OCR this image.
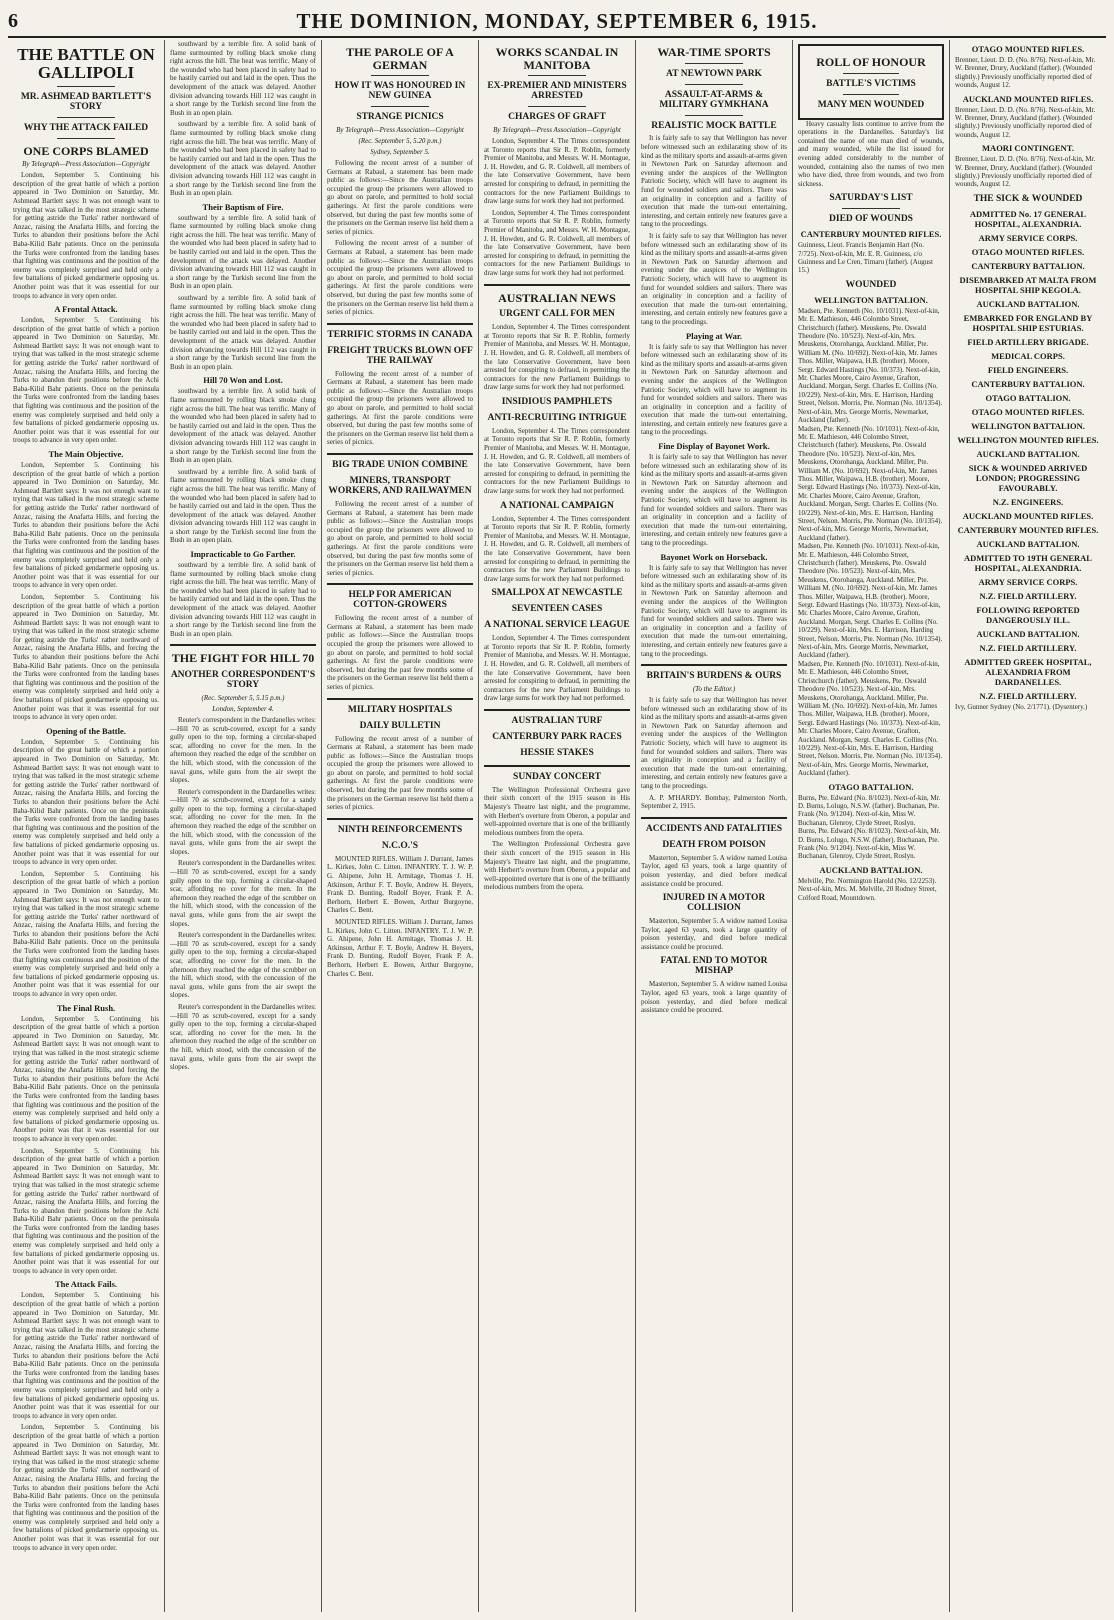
6	THE DOMINION, MONDAY, SEPTEMBER 6, 1915.
THE BATTLE ON GALLIPOLI
MR. ASHMEAD BARTLETT'S STORY
WHY THE ATTACK FAILED
ONE CORPS BLAMED
By Telegraph—Press Association—Copyright

London, September 5. Continuing his description of the great battle of which a portion appeared in Two Dominion on Saturday, Mr. Ashmead Bartlett says: It was not enough want to trying that was talked in the most strategic scheme for getting astride the Turks' rather northward of Anzac, raising the Anafarta Hills, and forcing the Turks to abandon their positions before the Achi Baba-Kilid Bahr patients. Once on the peninsula the Turks were confronted from the landing bases that fighting was continuous and the position of the enemy was completely surprised and held only a few battalions of picked gendarmerie opposing us. Another point was that it was essential for our troops to advance in very open order.

A Frontal Attack.

London, September 5. Continuing his description of the great battle of which a portion appeared in Two Dominion on Saturday, Mr. Ashmead Bartlett says: It was not enough want to trying that was talked in the most strategic scheme for getting astride the Turks' rather northward of Anzac, raising the Anafarta Hills, and forcing the Turks to abandon their positions before the Achi Baba-Kilid Bahr patients. Once on the peninsula the Turks were confronted from the landing bases that fighting was continuous and the position of the enemy was completely surprised and held only a few battalions of picked gendarmerie opposing us. Another point was that it was essential for our troops to advance in very open order.

The Main Objective.

London, September 5. Continuing his description of the great battle of which a portion appeared in Two Dominion on Saturday, Mr. Ashmead Bartlett says: It was not enough want to trying that was talked in the most strategic scheme for getting astride the Turks' rather northward of Anzac, raising the Anafarta Hills, and forcing the Turks to abandon their positions before the Achi Baba-Kilid Bahr patients. Once on the peninsula the Turks were confronted from the landing bases that fighting was continuous and the position of the enemy was completely surprised and held only a few battalions of picked gendarmerie opposing us. Another point was that it was essential for our troops to advance in very open order.

London, September 5. Continuing his description of the great battle of which a portion appeared in Two Dominion on Saturday, Mr. Ashmead Bartlett says: It was not enough want to trying that was talked in the most strategic scheme for getting astride the Turks' rather northward of Anzac, raising the Anafarta Hills, and forcing the Turks to abandon their positions before the Achi Baba-Kilid Bahr patients. Once on the peninsula the Turks were confronted from the landing bases that fighting was continuous and the position of the enemy was completely surprised and held only a few battalions of picked gendarmerie opposing us. Another point was that it was essential for our troops to advance in very open order.

Opening of the Battle.

London, September 5. Continuing his description of the great battle of which a portion appeared in Two Dominion on Saturday, Mr. Ashmead Bartlett says: It was not enough want to trying that was talked in the most strategic scheme for getting astride the Turks' rather northward of Anzac, raising the Anafarta Hills, and forcing the Turks to abandon their positions before the Achi Baba-Kilid Bahr patients. Once on the peninsula the Turks were confronted from the landing bases that fighting was continuous and the position of the enemy was completely surprised and held only a few battalions of picked gendarmerie opposing us. Another point was that it was essential for our troops to advance in very open order.

London, September 5. Continuing his description of the great battle of which a portion appeared in Two Dominion on Saturday, Mr. Ashmead Bartlett says: It was not enough want to trying that was talked in the most strategic scheme for getting astride the Turks' rather northward of Anzac, raising the Anafarta Hills, and forcing the Turks to abandon their positions before the Achi Baba-Kilid Bahr patients. Once on the peninsula the Turks were confronted from the landing bases that fighting was continuous and the position of the enemy was completely surprised and held only a few battalions of picked gendarmerie opposing us. Another point was that it was essential for our troops to advance in very open order.

The Final Rush.

London, September 5. Continuing his description of the great battle of which a portion appeared in Two Dominion on Saturday, Mr. Ashmead Bartlett says: It was not enough want to trying that was talked in the most strategic scheme for getting astride the Turks' rather northward of Anzac, raising the Anafarta Hills, and forcing the Turks to abandon their positions before the Achi Baba-Kilid Bahr patients. Once on the peninsula the Turks were confronted from the landing bases that fighting was continuous and the position of the enemy was completely surprised and held only a few battalions of picked gendarmerie opposing us. Another point was that it was essential for our troops to advance in very open order.

London, September 5. Continuing his description of the great battle of which a portion appeared in Two Dominion on Saturday, Mr. Ashmead Bartlett says: It was not enough want to trying that was talked in the most strategic scheme for getting astride the Turks' rather northward of Anzac, raising the Anafarta Hills, and forcing the Turks to abandon their positions before the Achi Baba-Kilid Bahr patients. Once on the peninsula the Turks were confronted from the landing bases that fighting was continuous and the position of the enemy was completely surprised and held only a few battalions of picked gendarmerie opposing us. Another point was that it was essential for our troops to advance in very open order.

The Attack Fails.

London, September 5. Continuing his description of the great battle of which a portion appeared in Two Dominion on Saturday, Mr. Ashmead Bartlett says: It was not enough want to trying that was talked in the most strategic scheme for getting astride the Turks' rather northward of Anzac, raising the Anafarta Hills, and forcing the Turks to abandon their positions before the Achi Baba-Kilid Bahr patients. Once on the peninsula the Turks were confronted from the landing bases that fighting was continuous and the position of the enemy was completely surprised and held only a few battalions of picked gendarmerie opposing us. Another point was that it was essential for our troops to advance in very open order.

London, September 5. Continuing his description of the great battle of which a portion appeared in Two Dominion on Saturday, Mr. Ashmead Bartlett says: It was not enough want to trying that was talked in the most strategic scheme for getting astride the Turks' rather northward of Anzac, raising the Anafarta Hills, and forcing the Turks to abandon their positions before the Achi Baba-Kilid Bahr patients. Once on the peninsula the Turks were confronted from the landing bases that fighting was continuous and the position of the enemy was completely surprised and held only a few battalions of picked gendarmerie opposing us. Another point was that it was essential for our troops to advance in very open order.

southward by a terrible fire. A solid bank of flame surmounted by rolling black smoke clung right across the hill. The heat was terrific. Many of the wounded who had been placed in safety had to be hastily carried out and laid in the open. Thus the development of the attack was delayed. Another division advancing towards Hill 112 was caught in a short range by the Turkish second line from the Bush in an open plain.

southward by a terrible fire. A solid bank of flame surmounted by rolling black smoke clung right across the hill. The heat was terrific. Many of the wounded who had been placed in safety had to be hastily carried out and laid in the open. Thus the development of the attack was delayed. Another division advancing towards Hill 112 was caught in a short range by the Turkish second line from the Bush in an open plain.

Their Baptism of Fire.

southward by a terrible fire. A solid bank of flame surmounted by rolling black smoke clung right across the hill. The heat was terrific. Many of the wounded who had been placed in safety had to be hastily carried out and laid in the open. Thus the development of the attack was delayed. Another division advancing towards Hill 112 was caught in a short range by the Turkish second line from the Bush in an open plain.

southward by a terrible fire. A solid bank of flame surmounted by rolling black smoke clung right across the hill. The heat was terrific. Many of the wounded who had been placed in safety had to be hastily carried out and laid in the open. Thus the development of the attack was delayed. Another division advancing towards Hill 112 was caught in a short range by the Turkish second line from the Bush in an open plain.

Hill 70 Won and Lost.

southward by a terrible fire. A solid bank of flame surmounted by rolling black smoke clung right across the hill. The heat was terrific. Many of the wounded who had been placed in safety had to be hastily carried out and laid in the open. Thus the development of the attack was delayed. Another division advancing towards Hill 112 was caught in a short range by the Turkish second line from the Bush in an open plain.

southward by a terrible fire. A solid bank of flame surmounted by rolling black smoke clung right across the hill. The heat was terrific. Many of the wounded who had been placed in safety had to be hastily carried out and laid in the open. Thus the development of the attack was delayed. Another division advancing towards Hill 112 was caught in a short range by the Turkish second line from the Bush in an open plain.

Impracticable to Go Farther.

southward by a terrible fire. A solid bank of flame surmounted by rolling black smoke clung right across the hill. The heat was terrific. Many of the wounded who had been placed in safety had to be hastily carried out and laid in the open. Thus the development of the attack was delayed. Another division advancing towards Hill 112 was caught in a short range by the Turkish second line from the Bush in an open plain.

THE FIGHT FOR HILL 70
ANOTHER CORRESPONDENT'S STORY
(Rec. September 5, 5.15 p.m.)
London, September 4.

Reuter's correspondent in the Dardanelles writes:—Hill 70 as scrub-covered, except for a sandy gully open to the top, forming a circular-shaped scar, affording no cover for the men. In the afternoon they reached the edge of the scrubber on the hill, which stood, with the concussion of the naval guns, while guns from the air swept the slopes.

Reuter's correspondent in the Dardanelles writes:—Hill 70 as scrub-covered, except for a sandy gully open to the top, forming a circular-shaped scar, affording no cover for the men. In the afternoon they reached the edge of the scrubber on the hill, which stood, with the concussion of the naval guns, while guns from the air swept the slopes.

Reuter's correspondent in the Dardanelles writes:—Hill 70 as scrub-covered, except for a sandy gully open to the top, forming a circular-shaped scar, affording no cover for the men. In the afternoon they reached the edge of the scrubber on the hill, which stood, with the concussion of the naval guns, while guns from the air swept the slopes.

Reuter's correspondent in the Dardanelles writes:—Hill 70 as scrub-covered, except for a sandy gully open to the top, forming a circular-shaped scar, affording no cover for the men. In the afternoon they reached the edge of the scrubber on the hill, which stood, with the concussion of the naval guns, while guns from the air swept the slopes.

Reuter's correspondent in the Dardanelles writes:—Hill 70 as scrub-covered, except for a sandy gully open to the top, forming a circular-shaped scar, affording no cover for the men. In the afternoon they reached the edge of the scrubber on the hill, which stood, with the concussion of the naval guns, while guns from the air swept the slopes.

THE PAROLE OF A GERMAN
HOW IT WAS HONOURED IN NEW GUINEA
STRANGE PICNICS
By Telegraph—Press Association—Copyright
(Rec. September 5, 5.20 p.m.)
Sydney, September 5.

Following the recent arrest of a number of Germans at Rabaul, a statement has been made public as follows:—Since the Australian troops occupied the group the prisoners were allowed to go about on parole, and permitted to hold social gatherings. At first the parole conditions were observed, but during the past few months some of the prisoners on the German reserve list held them a series of picnics.

Following the recent arrest of a number of Germans at Rabaul, a statement has been made public as follows:—Since the Australian troops occupied the group the prisoners were allowed to go about on parole, and permitted to hold social gatherings. At first the parole conditions were observed, but during the past few months some of the prisoners on the German reserve list held them a series of picnics.

TERRIFIC STORMS IN CANADA
FREIGHT TRUCKS BLOWN OFF THE RAILWAY

Following the recent arrest of a number of Germans at Rabaul, a statement has been made public as follows:—Since the Australian troops occupied the group the prisoners were allowed to go about on parole, and permitted to hold social gatherings. At first the parole conditions were observed, but during the past few months some of the prisoners on the German reserve list held them a series of picnics.

BIG TRADE UNION COMBINE
MINERS, TRANSPORT WORKERS, AND RAILWAYMEN

Following the recent arrest of a number of Germans at Rabaul, a statement has been made public as follows:—Since the Australian troops occupied the group the prisoners were allowed to go about on parole, and permitted to hold social gatherings. At first the parole conditions were observed, but during the past few months some of the prisoners on the German reserve list held them a series of picnics.

HELP FOR AMERICAN COTTON-GROWERS

Following the recent arrest of a number of Germans at Rabaul, a statement has been made public as follows:—Since the Australian troops occupied the group the prisoners were allowed to go about on parole, and permitted to hold social gatherings. At first the parole conditions were observed, but during the past few months some of the prisoners on the German reserve list held them a series of picnics.

MILITARY HOSPITALS
DAILY BULLETIN

Following the recent arrest of a number of Germans at Rabaul, a statement has been made public as follows:—Since the Australian troops occupied the group the prisoners were allowed to go about on parole, and permitted to hold social gatherings. At first the parole conditions were observed, but during the past few months some of the prisoners on the German reserve list held them a series of picnics.

NINTH REINFORCEMENTS
N.C.O.'S

MOUNTED RIFLES. William J. Durrant, James L. Kirkes, John C. Litten. INFANTRY. T. J. W. P. G. Ahipene, John H. Armitage, Thomas J. H. Atkinson, Arthur F. T. Boyle, Andrew H. Beyers, Frank D. Bunting, Rudolf Boyer, Frank P. A. Berhorn, Herbert E. Bowen, Arthur Burgoyne, Charles C. Bent.

MOUNTED RIFLES. William J. Durrant, James L. Kirkes, John C. Litten. INFANTRY. T. J. W. P. G. Ahipene, John H. Armitage, Thomas J. H. Atkinson, Arthur F. T. Boyle, Andrew H. Beyers, Frank D. Bunting, Rudolf Boyer, Frank P. A. Berhorn, Herbert E. Bowen, Arthur Burgoyne, Charles C. Bent.

WORKS SCANDAL IN MANITOBA
EX-PREMIER AND MINISTERS ARRESTED
CHARGES OF GRAFT
By Telegraph—Press Association—Copyright

London, September 4. The Times correspondent at Toronto reports that Sir R. P. Roblin, formerly Premier of Manitoba, and Messrs. W. H. Montague, J. H. Howden, and G. R. Coldwell, all members of the late Conservative Government, have been arrested for conspiring to defraud, in permitting the contractors for the new Parliament Buildings to draw large sums for work they had not performed.

London, September 4. The Times correspondent at Toronto reports that Sir R. P. Roblin, formerly Premier of Manitoba, and Messrs. W. H. Montague, J. H. Howden, and G. R. Coldwell, all members of the late Conservative Government, have been arrested for conspiring to defraud, in permitting the contractors for the new Parliament Buildings to draw large sums for work they had not performed.

AUSTRALIAN NEWS
URGENT CALL FOR MEN

London, September 4. The Times correspondent at Toronto reports that Sir R. P. Roblin, formerly Premier of Manitoba, and Messrs. W. H. Montague, J. H. Howden, and G. R. Coldwell, all members of the late Conservative Government, have been arrested for conspiring to defraud, in permitting the contractors for the new Parliament Buildings to draw large sums for work they had not performed.

INSIDIOUS PAMPHLETS
ANTI-RECRUITING INTRIGUE

London, September 4. The Times correspondent at Toronto reports that Sir R. P. Roblin, formerly Premier of Manitoba, and Messrs. W. H. Montague, J. H. Howden, and G. R. Coldwell, all members of the late Conservative Government, have been arrested for conspiring to defraud, in permitting the contractors for the new Parliament Buildings to draw large sums for work they had not performed.

A NATIONAL CAMPAIGN

London, September 4. The Times correspondent at Toronto reports that Sir R. P. Roblin, formerly Premier of Manitoba, and Messrs. W. H. Montague, J. H. Howden, and G. R. Coldwell, all members of the late Conservative Government, have been arrested for conspiring to defraud, in permitting the contractors for the new Parliament Buildings to draw large sums for work they had not performed.

SMALLPOX AT NEWCASTLE
SEVENTEEN CASES
A NATIONAL SERVICE LEAGUE

London, September 4. The Times correspondent at Toronto reports that Sir R. P. Roblin, formerly Premier of Manitoba, and Messrs. W. H. Montague, J. H. Howden, and G. R. Coldwell, all members of the late Conservative Government, have been arrested for conspiring to defraud, in permitting the contractors for the new Parliament Buildings to draw large sums for work they had not performed.

AUSTRALIAN TURF
CANTERBURY PARK RACES
HESSIE STAKES
SUNDAY CONCERT

The Wellington Professional Orchestra gave their sixth concert of the 1915 season in His Majesty's Theatre last night, and the programme, with Herbert's overture from Oberon, a popular and well-appointed overture that is one of the brilliantly melodious numbers from the opera.

The Wellington Professional Orchestra gave their sixth concert of the 1915 season in His Majesty's Theatre last night, and the programme, with Herbert's overture from Oberon, a popular and well-appointed overture that is one of the brilliantly melodious numbers from the opera.

WAR-TIME SPORTS
AT NEWTOWN PARK
ASSAULT-AT-ARMS & MILITARY GYMKHANA
REALISTIC MOCK BATTLE

It is fairly safe to say that Wellington has never before witnessed such an exhilarating show of its kind as the military sports and assault-at-arms given in Newtown Park on Saturday afternoon and evening under the auspices of the Wellington Patriotic Society, which will have to augment its fund for wounded soldiers and sailors. There was an originality in conception and a facility of execution that made the turn-out entertaining, interesting, and certain entirely new features gave a tang to the proceedings.

It is fairly safe to say that Wellington has never before witnessed such an exhilarating show of its kind as the military sports and assault-at-arms given in Newtown Park on Saturday afternoon and evening under the auspices of the Wellington Patriotic Society, which will have to augment its fund for wounded soldiers and sailors. There was an originality in conception and a facility of execution that made the turn-out entertaining, interesting, and certain entirely new features gave a tang to the proceedings.

Playing at War.

It is fairly safe to say that Wellington has never before witnessed such an exhilarating show of its kind as the military sports and assault-at-arms given in Newtown Park on Saturday afternoon and evening under the auspices of the Wellington Patriotic Society, which will have to augment its fund for wounded soldiers and sailors. There was an originality in conception and a facility of execution that made the turn-out entertaining, interesting, and certain entirely new features gave a tang to the proceedings.

Fine Display of Bayonet Work.

It is fairly safe to say that Wellington has never before witnessed such an exhilarating show of its kind as the military sports and assault-at-arms given in Newtown Park on Saturday afternoon and evening under the auspices of the Wellington Patriotic Society, which will have to augment its fund for wounded soldiers and sailors. There was an originality in conception and a facility of execution that made the turn-out entertaining, interesting, and certain entirely new features gave a tang to the proceedings.

Bayonet Work on Horseback.

It is fairly safe to say that Wellington has never before witnessed such an exhilarating show of its kind as the military sports and assault-at-arms given in Newtown Park on Saturday afternoon and evening under the auspices of the Wellington Patriotic Society, which will have to augment its fund for wounded soldiers and sailors. There was an originality in conception and a facility of execution that made the turn-out entertaining, interesting, and certain entirely new features gave a tang to the proceedings.

BRITAIN'S BURDENS & OURS
(To the Editor.)

It is fairly safe to say that Wellington has never before witnessed such an exhilarating show of its kind as the military sports and assault-at-arms given in Newtown Park on Saturday afternoon and evening under the auspices of the Wellington Patriotic Society, which will have to augment its fund for wounded soldiers and sailors. There was an originality in conception and a facility of execution that made the turn-out entertaining, interesting, and certain entirely new features gave a tang to the proceedings.

A. P. M'HARDY. Bombay, Palmerston North, September 2, 1915.

ACCIDENTS AND FATALITIES
DEATH FROM POISON

Masterton, September 5. A widow named Louisa Taylor, aged 63 years, took a large quantity of poison yesterday, and died before medical assistance could be procured.

INJURED IN A MOTOR COLLISION

Masterton, September 5. A widow named Louisa Taylor, aged 63 years, took a large quantity of poison yesterday, and died before medical assistance could be procured.

FATAL END TO MOTOR MISHAP

Masterton, September 5. A widow named Louisa Taylor, aged 63 years, took a large quantity of poison yesterday, and died before medical assistance could be procured.

ROLL OF HONOUR
BATTLE'S VICTIMS
MANY MEN WOUNDED

Heavy casualty lists continue to arrive from the operations in the Dardanelles. Saturday's list contained the name of one man died of wounds, and many wounded, while the list issued for evening added considerably to the number of wounded, containing also the names of two men who have died, three from wounds, and two from sickness.

SATURDAY'S LIST
DIED OF WOUNDS
CANTERBURY MOUNTED RIFLES.

Guinness, Lieut. Francis Benjamin Hart (No. 7/725). Next-of-kin, Mr. E. R. Guinness, c/o Guinness and Le Cren, Timaru (father). (August 15.)

WOUNDED
WELLINGTON BATTALION.

Madsen, Pte. Kenneth (No. 10/1031). Next-of-kin, Mr. E. Mathieson, 446 Colombo Street, Christchurch (father). Meuskens, Pte. Oswald Theodore (No. 10/523). Next-of-kin, Mrs. Meuskens, Otorohanga, Auckland. Miller, Pte. William M. (No. 10/692). Next-of-kin, Mr. James Thos. Miller, Waipawa, H.B. (brother). Moore, Sergt. Edward Hastings (No. 10/373). Next-of-kin, Mr. Charles Moore, Cairo Avenue, Grafton, Auckland. Morgan, Sergt. Charles E. Collins (No. 10/229). Next-of-kin, Mrs. E. Harrison, Harding Street, Nelson. Morris, Pte. Norman (No. 10/1354). Next-of-kin, Mrs. George Morris, Newmarket, Auckland (father).

Madsen, Pte. Kenneth (No. 10/1031). Next-of-kin, Mr. E. Mathieson, 446 Colombo Street, Christchurch (father). Meuskens, Pte. Oswald Theodore (No. 10/523). Next-of-kin, Mrs. Meuskens, Otorohanga, Auckland. Miller, Pte. William M. (No. 10/692). Next-of-kin, Mr. James Thos. Miller, Waipawa, H.B. (brother). Moore, Sergt. Edward Hastings (No. 10/373). Next-of-kin, Mr. Charles Moore, Cairo Avenue, Grafton, Auckland. Morgan, Sergt. Charles E. Collins (No. 10/229). Next-of-kin, Mrs. E. Harrison, Harding Street, Nelson. Morris, Pte. Norman (No. 10/1354). Next-of-kin, Mrs. George Morris, Newmarket, Auckland (father).

Madsen, Pte. Kenneth (No. 10/1031). Next-of-kin, Mr. E. Mathieson, 446 Colombo Street, Christchurch (father). Meuskens, Pte. Oswald Theodore (No. 10/523). Next-of-kin, Mrs. Meuskens, Otorohanga, Auckland. Miller, Pte. William M. (No. 10/692). Next-of-kin, Mr. James Thos. Miller, Waipawa, H.B. (brother). Moore, Sergt. Edward Hastings (No. 10/373). Next-of-kin, Mr. Charles Moore, Cairo Avenue, Grafton, Auckland. Morgan, Sergt. Charles E. Collins (No. 10/229). Next-of-kin, Mrs. E. Harrison, Harding Street, Nelson. Morris, Pte. Norman (No. 10/1354). Next-of-kin, Mrs. George Morris, Newmarket, Auckland (father).

Madsen, Pte. Kenneth (No. 10/1031). Next-of-kin, Mr. E. Mathieson, 446 Colombo Street, Christchurch (father). Meuskens, Pte. Oswald Theodore (No. 10/523). Next-of-kin, Mrs. Meuskens, Otorohanga, Auckland. Miller, Pte. William M. (No. 10/692). Next-of-kin, Mr. James Thos. Miller, Waipawa, H.B. (brother). Moore, Sergt. Edward Hastings (No. 10/373). Next-of-kin, Mr. Charles Moore, Cairo Avenue, Grafton, Auckland. Morgan, Sergt. Charles E. Collins (No. 10/229). Next-of-kin, Mrs. E. Harrison, Harding Street, Nelson. Morris, Pte. Norman (No. 10/1354). Next-of-kin, Mrs. George Morris, Newmarket, Auckland (father).

OTAGO BATTALION.

Burns, Pte. Edward (No. 8/1023). Next-of-kin, Mr. D. Burns, Lolugo, N.S.W. (father). Buchanan, Pte. Frank (No. 9/1204). Next-of-kin, Miss W. Buchanan, Glenroy, Clyde Street, Roslyn.

Burns, Pte. Edward (No. 8/1023). Next-of-kin, Mr. D. Burns, Lolugo, N.S.W. (father). Buchanan, Pte. Frank (No. 9/1204). Next-of-kin, Miss W. Buchanan, Glenroy, Clyde Street, Roslyn.

AUCKLAND BATTALION.

Melville, Pte. Normington Harold (No. 12/2253). Next-of-kin, Mrs. M. Melville, 20 Rodney Street, Colford Road, Mountdown.

OTAGO MOUNTED RIFLES.

Brenner, Lieut. D. D. (No. 8/76). Next-of-kin, Mr. W. Brenner, Drury, Auckland (father). (Wounded slightly.) Previously unofficially reported died of wounds, August 12.

AUCKLAND MOUNTED RIFLES.

Brenner, Lieut. D. D. (No. 8/76). Next-of-kin, Mr. W. Brenner, Drury, Auckland (father). (Wounded slightly.) Previously unofficially reported died of wounds, August 12.

MAORI CONTINGENT.

Brenner, Lieut. D. D. (No. 8/76). Next-of-kin, Mr. W. Brenner, Drury, Auckland (father). (Wounded slightly.) Previously unofficially reported died of wounds, August 12.

THE SICK & WOUNDED
ADMITTED No. 17 GENERAL HOSPITAL, ALEXANDRIA.
ARMY SERVICE CORPS.
OTAGO MOUNTED RIFLES.
CANTERBURY BATTALION.
DISEMBARKED AT MALTA FROM HOSPITAL SHIP KEGOLA.
AUCKLAND BATTALION.
EMBARKED FOR ENGLAND BY HOSPITAL SHIP ESTURIAS.
FIELD ARTILLERY BRIGADE.
MEDICAL CORPS.
FIELD ENGINEERS.
CANTERBURY BATTALION.
OTAGO BATTALION.
OTAGO MOUNTED RIFLES.
WELLINGTON BATTALION.
WELLINGTON MOUNTED RIFLES.
AUCKLAND BATTALION.
SICK & WOUNDED ARRIVED LONDON; PROGRESSING FAVOURABLY.
N.Z. ENGINEERS.
AUCKLAND MOUNTED RIFLES.
CANTERBURY MOUNTED RIFLES.
AUCKLAND BATTALION.
ADMITTED TO 19TH GENERAL HOSPITAL, ALEXANDRIA.
ARMY SERVICE CORPS.
N.Z. FIELD ARTILLERY.
FOLLOWING REPORTED DANGEROUSLY ILL.
AUCKLAND BATTALION.
N.Z. FIELD ARTILLERY.
ADMITTED GREEK HOSPITAL, ALEXANDRIA FROM DARDANELLES.
N.Z. FIELD ARTILLERY.

Ivy, Gunner Sydney (No. 2/1771). (Dysentery.)
